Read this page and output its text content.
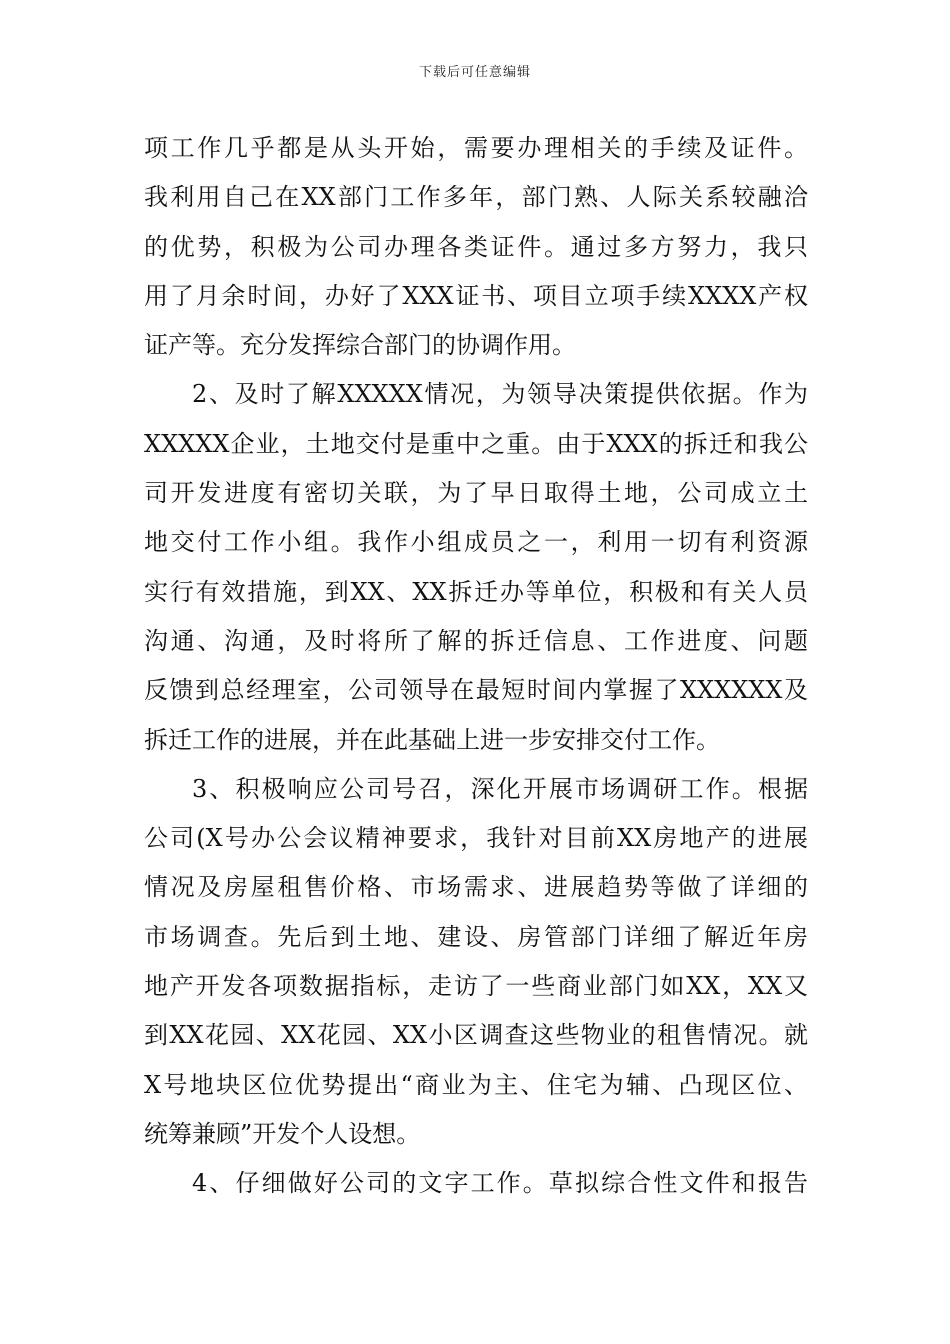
下载后可任意编辑
项工作几乎都是从头开始，需要办理相关的手续及证件。
我利用自己在XX部门工作多年，部门熟、人际关系较融洽
的优势，积极为公司办理各类证件。通过多方努力，我只
用了月余时间，办好了XXX证书、项目立项手续XXXX产权
证产等。充分发挥综合部门的协调作用。
2、及时了解XXXXX情况，为领导决策提供依据。作为
XXXXX企业，土地交付是重中之重。由于XXX的拆迁和我公
司开发进度有密切关联，为了早日取得土地，公司成立土
地交付工作小组。我作小组成员之一，利用一切有利资源
实行有效措施，到XX、XX拆迁办等单位，积极和有关人员
沟通、沟通，及时将所了解的拆迁信息、工作进度、问题
反馈到总经理室，公司领导在最短时间内掌握了XXXXXX及
拆迁工作的进展，并在此基础上进一步安排交付工作。
3、积极响应公司号召，深化开展市场调研工作。根据
公司(X号办公会议精神要求，我针对目前XX房地产的进展
情况及房屋租售价格、市场需求、进展趋势等做了详细的
市场调查。先后到土地、建设、房管部门详细了解近年房
地产开发各项数据指标，走访了一些商业部门如XX，XX又
到XX花园、XX花园、XX小区调查这些物业的租售情况。就
X号地块区位优势提出“商业为主、住宅为辅、凸现区位、
统筹兼顾”开发个人设想。
4、仔细做好公司的文字工作。草拟综合性文件和报告
